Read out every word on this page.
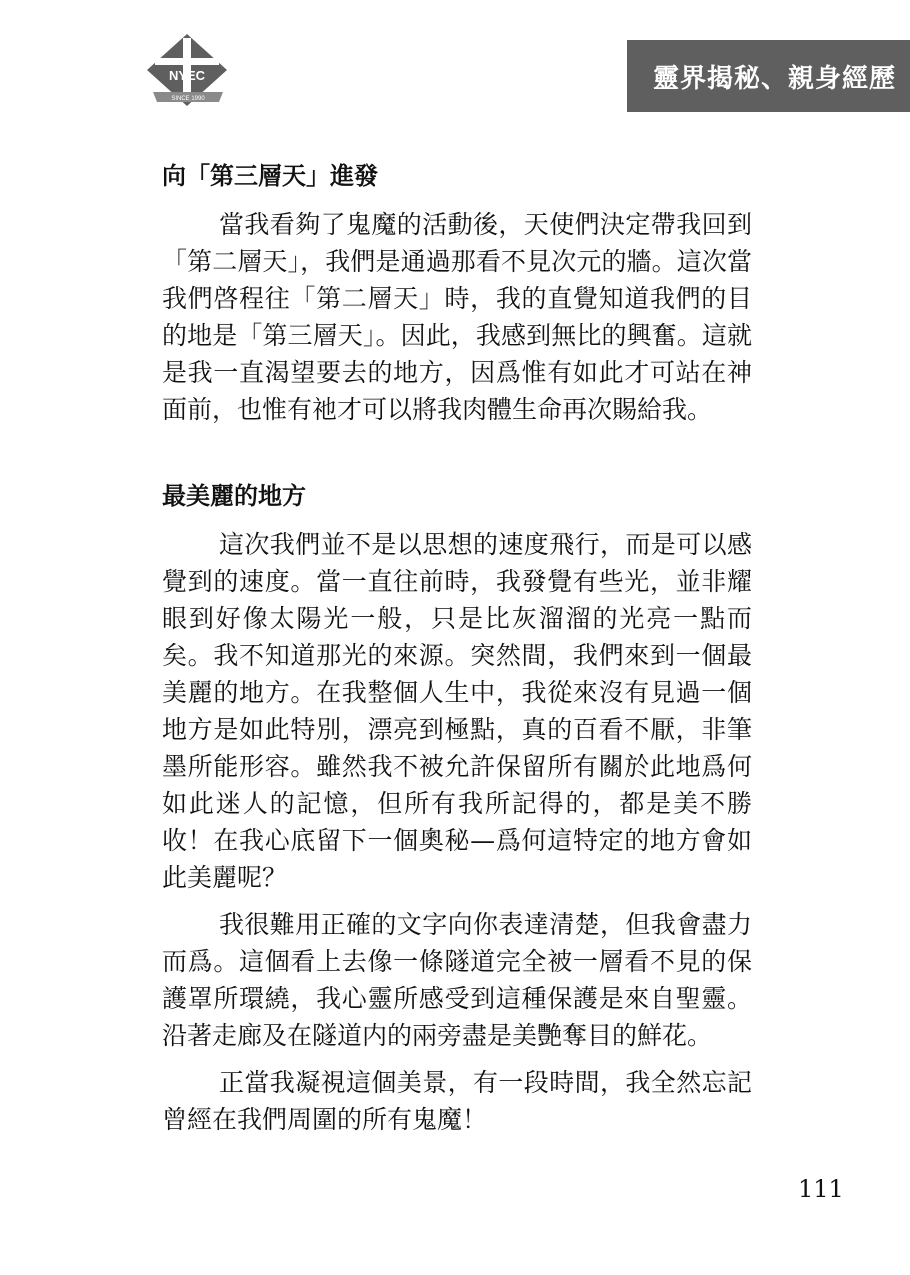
靈界揭秘、親身經歷
NYEC
SINCE 1990
向「第三層天」進發

當我看夠了鬼魔的活動後，天使們決定帶我回到「第二層天」，我們是通過那看不見次元的牆。這次當我們啓程往「第二層天」時，我的直覺知道我們的目的地是「第三層天」。因此，我感到無比的興奮。這就是我一直渴望要去的地方，因爲惟有如此才可站在神面前，也惟有祂才可以將我肉體生命再次賜給我。

最美麗的地方

這次我們並不是以思想的速度飛行，而是可以感覺到的速度。當一直往前時，我發覺有些光，並非耀眼到好像太陽光一般，只是比灰溜溜的光亮一點而矣。我不知道那光的來源。突然間，我們來到一個最美麗的地方。在我整個人生中，我從來沒有見過一個地方是如此特別，漂亮到極點，真的百看不厭，非筆墨所能形容。雖然我不被允許保留所有關於此地爲何如此迷人的記憶，但所有我所記得的，都是美不勝收！在我心底留下一個奧秘—爲何這特定的地方會如此美麗呢？

我很難用正確的文字向你表達清楚，但我會盡力而爲。這個看上去像一條隧道完全被一層看不見的保護罩所環繞，我心靈所感受到這種保護是來自聖靈。沿著走廊及在隧道内的兩旁盡是美艷奪目的鮮花。

正當我凝視這個美景，有一段時間，我全然忘記曾經在我們周圍的所有鬼魔！

111
